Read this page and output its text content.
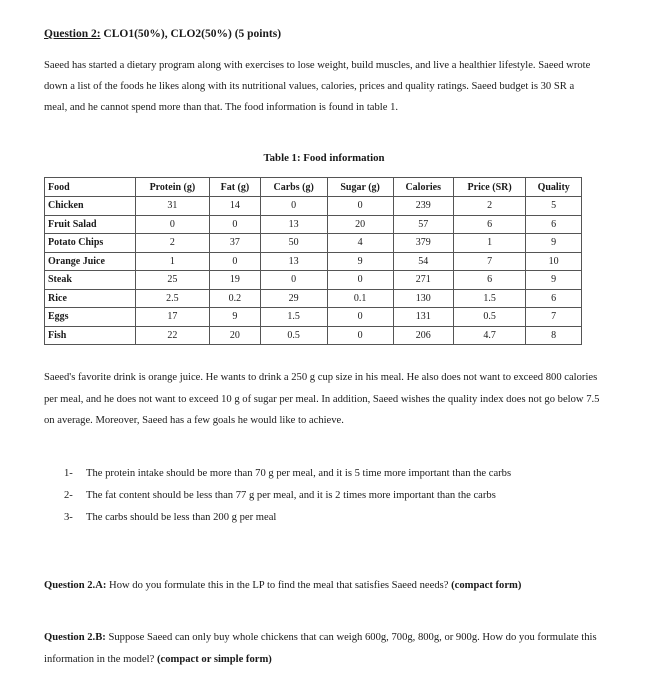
Question 2: CLO1(50%), CLO2(50%) (5 points)

Saeed has started a dietary program along with exercises to lose weight, build muscles, and live a healthier lifestyle. Saeed wrote down a list of the foods he likes along with its nutritional values, calories, prices and quality ratings. Saeed budget is 30 SR a meal, and he cannot spend more than that. The food information is found in table 1.

Table 1: Food information
Food	Protein (g)	Fat (g)	Carbs (g)	Sugar (g)	Calories	Price (SR)	Quality
Chicken	31	14	0	0	239	2	5
Fruit Salad	0	0	13	20	57	6	6
Potato Chips	2	37	50	4	379	1	9
Orange Juice	1	0	13	9	54	7	10
Steak	25	19	0	0	271	6	9
Rice	2.5	0.2	29	0.1	130	1.5	6
Eggs	17	9	1.5	0	131	0.5	7
Fish	22	20	0.5	0	206	4.7	8

Saeed's favorite drink is orange juice. He wants to drink a 250 g cup size in his meal. He also does not want to exceed 800 calories per meal, and he does not want to exceed 10 g of sugar per meal. In addition, Saeed wishes the quality index does not go below 7.5 on average. Moreover, Saeed has a few goals he would like to achieve.

1-	The protein intake should be more than 70 g per meal, and it is 5 time more important than the carbs
2-	The fat content should be less than 77 g per meal, and it is 2 times more important than the carbs
3-	The carbs should be less than 200 g per meal

Question 2.A: How do you formulate this in the LP to find the meal that satisfies Saeed needs? (compact form)

Question 2.B: Suppose Saeed can only buy whole chickens that can weigh 600g, 700g, 800g, or 900g. How do you formulate this information in the model? (compact or simple form)
